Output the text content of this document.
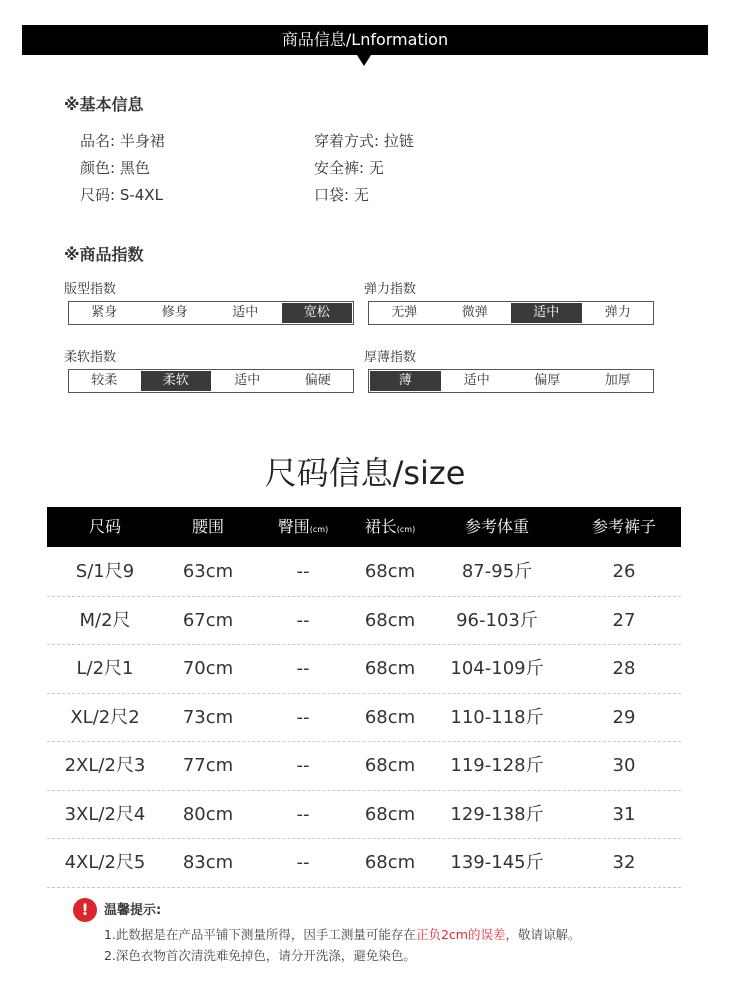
商品信息/Lnformation
※基本信息
品名: 半身裙
颜色: 黑色
尺码: S-4XL
穿着方式: 拉链
安全裤: 无
口袋: 无
※商品指数
版型指数
紧身	修身	适中	宽松
弹力指数
无弹	微弹	适中	弹力
柔软指数
较柔	柔软	适中	偏硬
厚薄指数
薄	适中	偏厚	加厚
尺码信息/size
尺码	腰围	臀围(cm)	裙长(cm)	参考体重	参考裤子
S/1尺9	63cm	--	68cm	87-95斤	26
M/2尺	67cm	--	68cm	96-103斤	27
L/2尺1	70cm	--	68cm	104-109斤	28
XL/2尺2	73cm	--	68cm	110-118斤	29
2XL/2尺3	77cm	--	68cm	119-128斤	30
3XL/2尺4	80cm	--	68cm	129-138斤	31
4XL/2尺5	83cm	--	68cm	139-145斤	32
!	温馨提示:
1.此数据是在产品平铺下测量所得，因手工测量可能存在正负2cm的误差，敬请谅解。
2.深色衣物首次清洗难免掉色，请分开洗涤，避免染色。
